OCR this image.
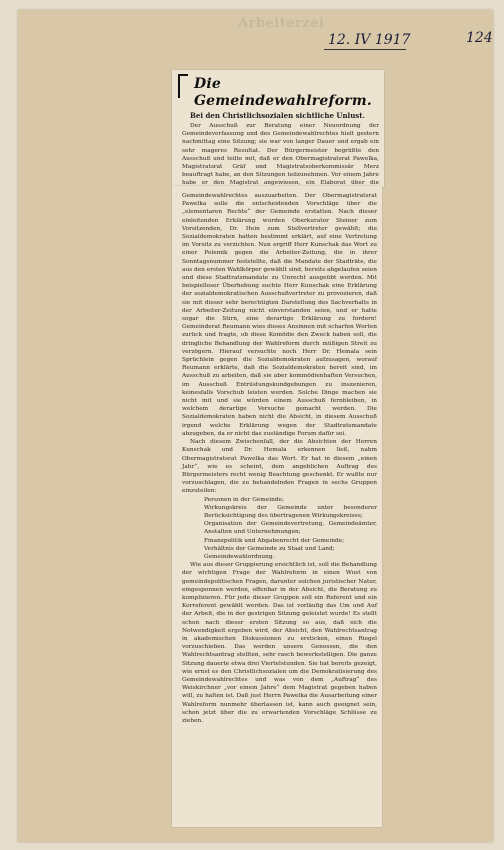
Arbeiterzei
12. IV 1917	124
Die Gemeindewahlreform.
Bei den Christlichsozialen sichtliche Unlust.

Der Ausschuß zur Beratung einer Neuordnung der Gemeindeverfassung und des Gemeindewahlrechtes hielt gestern nachmittag eine Sitzung; sie war von langer Dauer und ergab ein sehr mageres Resultat. Der Bürgermeister begrüßte den Ausschuß und teilte mit, daß er den Obermagistratsrat Pawelka, Magistratsrat Gräf und Magistratsoberkommissär Merz beauftragt habe, an den Sitzungen teilzunehmen. Vor einem Jahre habe er den Magistrat angewiesen, ein Elaborat über die

Gemeindewahlrechtes auszuarbeiten. Der Obermagistratsrat Pawelka solle die entscheidenden Vorschläge über die „elementaren Rechte“ der Gemeinde erstatten. Nach dieser einleitenden Erklärung wurden Oberkurator Steiner zum Vorsitzenden, Dr. Hein zum Stellvertreter gewählt; die Sozialdemokraten hatten bestimmt erklärt, auf eine Vertretung im Vorsitz zu verzichten. Nun ergriff Herr Kunschak das Wort zu einer Polemik gegen die Arbeiter-Zeitung, die in ihrer Sonntagsnummer feststellte, daß die Mandate der Stadträte, die aus den ersten Wahlkörper gewählt sind, bereits abgelaufen seien und diese Stadtratsmandate zu Unrecht ausgeübt werden. Mit beispielloser Überhebung suchte Herr Kunschak eine Erklärung der sozialdemokratischen Ausschußvertreter zu provozieren, daß sie mit dieser sehr berechtigten Darstellung des Sachverhalts in der Arbeiter-Zeitung nicht einverstanden seien, und er hatte sogar die Stirn, eine derartige Erklärung zu fordern! Gemeinderat Reumann wies dieses Ansinnen mit scharfen Worten zurück und fragte, ob diese Komödie den Zweck haben soll, die dringliche Behandlung der Wahlreform durch müßigen Streit zu verzögern. Hierauf versuchte noch Herr Dr. Hemala sein Sprüchlein gegen die Sozialdemokraten aufzusagen, worauf Reumann erklärte, daß die Sozialdemokraten bereit sind, im Ausschuß zu arbeiten, daß sie aber kommödienhaften Versuchen, im Ausschuß Entrüstungskundgebungen zu inszenieren, keinesfalls Vorschub leisten werden. Solche Dinge machen sie nicht mit und sie würden einem Ausschuß fernbleiben, in welchem derartige Versuche gemacht werden. Die Sozialdemokraten haben nicht die Absicht, in diesem Ausschuß irgend welche Erklärung wegen der Stadtratsmandate abzugeben, da er nicht das zuständige Forum dafür sei.

Nach diesem Zwischenfall, der die Absichten der Herren Kunschak und Dr. Hemala erkennen ließ, nahm Obermagistratsrat Pawelka das Wort. Er hat in diesem „einen Jahr“, wie es scheint, dem angeblichen Auftrag des Bürgermeisters recht wenig Beachtung geschenkt. Er wußte nur vorzuschlagen, die zu behandelnden Fragen in sechs Gruppen einzuteilen:

Personen in der Gemeinde;

Wirkungskreis der Gemeinde unter besonderer Berücksichtigung des übertragenen Wirkungskreises;

Organisation der Gemeindevertretung, Gemeindeämter, Anstalten und Unternehmungen;

Finanzpolitik und Abgabenrecht der Gemeinde;

Verhältnis der Gemeinde zu Staat und Land;

Gemeindewahlordnung.

Wie aus dieser Gruppierung ersichtlich ist, soll die Behandlung der wichtigen Frage der Wahlreform in einen Wust von gemeindepolitischen Fragen, darunter solchen juristischer Natur, eingesponnen werden, offenbar in der Absicht, die Beratung zu komplizieren. Für jede dieser Gruppen soll ein Referent und ein Korreferent gewählt werden. Das ist vorläufig das Um und Auf der Arbeit, die in der gestrigen Sitzung geleistet wurde! Es stellt schon nach dieser ersten Sitzung so aus, daß sich die Notwendigkeit ergeben wird, der Absicht, den Wahlrechtsantrag in akademischen Diskussionen zu ersticken, einen Riegel vorzuschieben. Das werden unsere Genossen, die den Wahlrechtsantrag stellten, sehr rasch bewerkstelligen. Die ganze Sitzung dauerte etwa drei Viertelstunden. Sie hat bereits gezeigt, wie ernst es den Christlichsozialen um die Demokratisierung des Gemeindewahlrechtes und was von dem „Auftrag“ des Weiskirchner „vor einem Jahre“ dem Magistrat gegeben haben will, zu halten ist. Daß just Herrn Pawelka die Ausarbeitung einer Wahlreform nunmehr überlassen ist, kann auch geeignet sein, schon jetzt über die zu erwartenden Vorschläge Schlüsse zu ziehen.
